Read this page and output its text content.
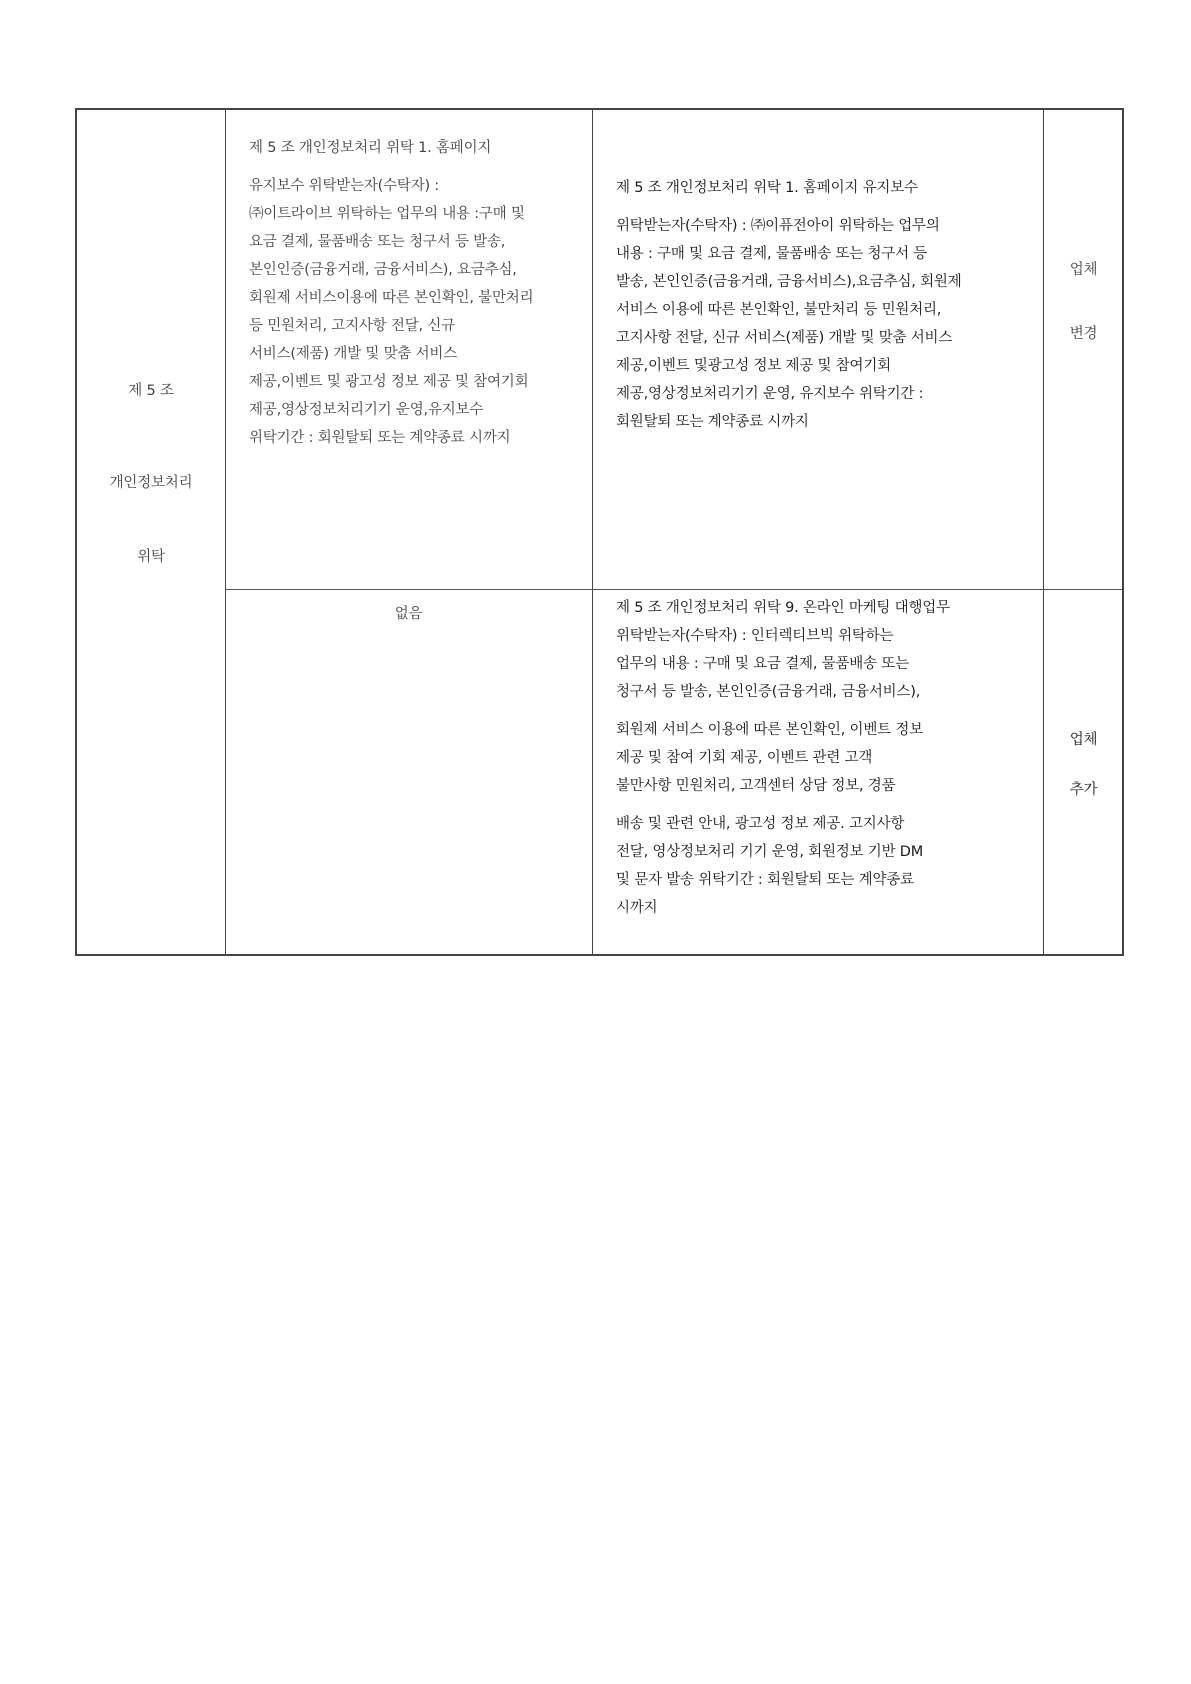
제 5 조
개인정보처리
위탁
제 5 조 개인정보처리 위탁 1. 홈페이지
유지보수 위탁받는자(수탁자) :
㈜이트라이브 위탁하는 업무의 내용 :구매 및
요금 결제, 물품배송 또는 청구서 등 발송,
본인인증(금융거래, 금융서비스), 요금추심,
회원제 서비스이용에 따른 본인확인, 불만처리
등 민원처리, 고지사항 전달, 신규
서비스(제품) 개발 및 맞춤 서비스
제공,이벤트 및 광고성 정보 제공 및 참여기회
제공,영상정보처리기기 운영,유지보수
위탁기간 : 회원탈퇴 또는 계약종료 시까지
제 5 조 개인정보처리 위탁 1. 홈페이지 유지보수
위탁받는자(수탁자) : ㈜이퓨전아이 위탁하는 업무의
내용 : 구매 및 요금 결제, 물품배송 또는 청구서 등
발송, 본인인증(금융거래, 금융서비스),요금추심, 회원제
서비스 이용에 따른 본인확인, 불만처리 등 민원처리,
고지사항 전달, 신규 서비스(제품) 개발 및 맞춤 서비스
제공,이벤트 및광고성 정보 제공 및 참여기회
제공,영상정보처리기기 운영, 유지보수 위탁기간 :
회원탈퇴 또는 계약종료 시까지
업체
변경
없음	제 5 조 개인정보처리 위탁 9. 온라인 마케팅 대행업무
위탁받는자(수탁자) : 인터렉티브빅 위탁하는
업무의 내용 : 구매 및 요금 결제, 물품배송 또는
청구서 등 발송, 본인인증(금융거래, 금융서비스),
회원제 서비스 이용에 따른 본인확인, 이벤트 정보
제공 및 참여 기회 제공, 이벤트 관련 고객
불만사항 민원처리, 고객센터 상담 정보, 경품
배송 및 관련 안내, 광고성 정보 제공. 고지사항
전달, 영상정보처리 기기 운영, 회원정보 기반 DM
및 문자 발송 위탁기간 : 회원탈퇴 또는 계약종료
시까지
업체
추가
